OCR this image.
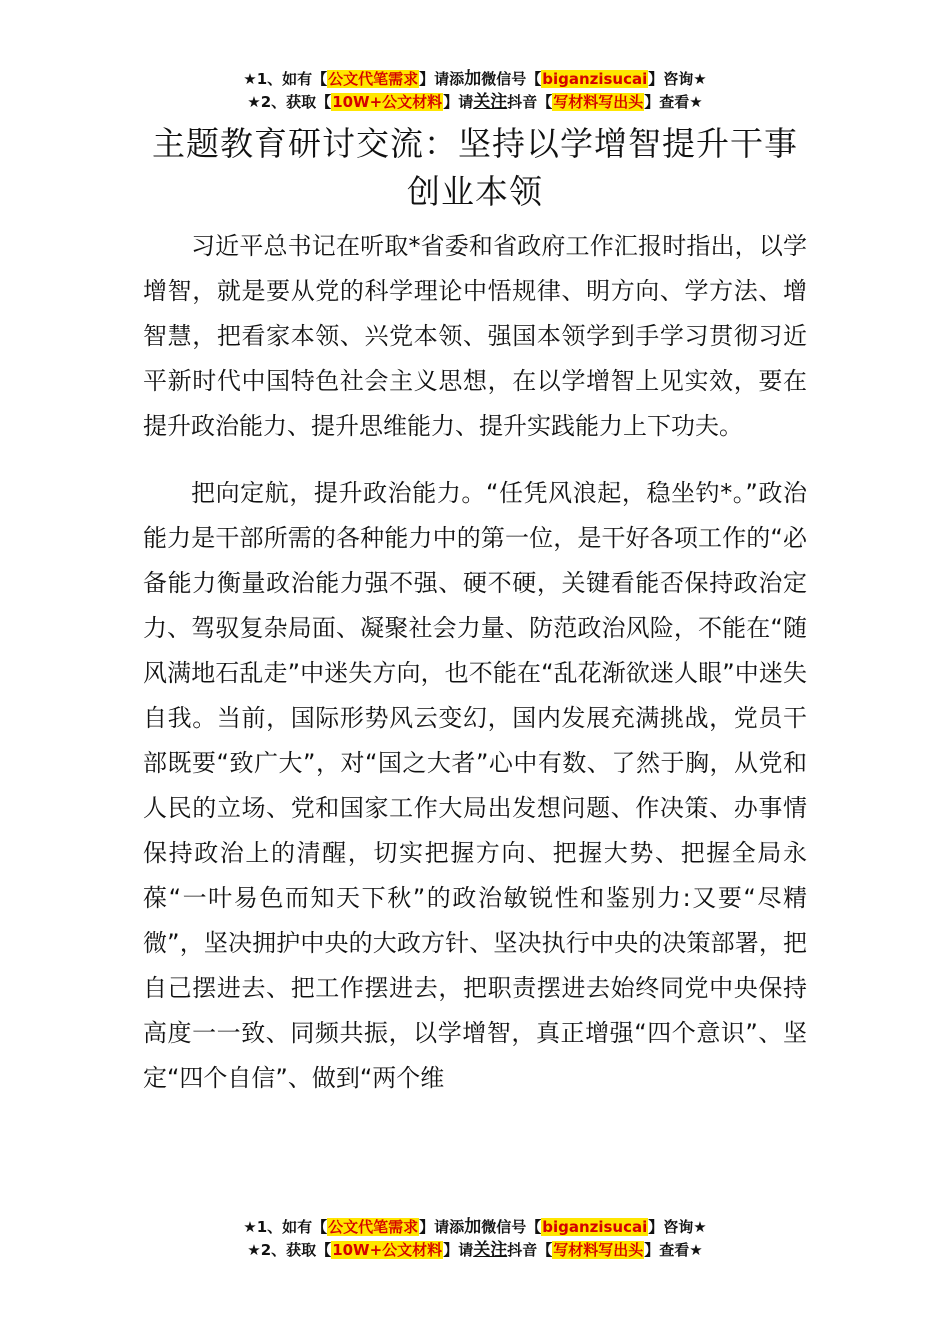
★1、如有【公文代笔需求】请添加微信号【biganzisucai】咨询★
★2、获取【10W+公文材料】请关注抖音【写材料写出头】查看★
主题教育研讨交流：坚持以学增智提升干事创业本领

习近平总书记在听取*省委和省政府工作汇报时指出，以学增智，就是要从党的科学理论中悟规律、明方向、学方法、增智慧，把看家本领、兴党本领、强国本领学到手学习贯彻习近平新时代中国特色社会主义思想，在以学增智上见实效，要在提升政治能力、提升思维能力、提升实践能力上下功夫。

把向定航，提升政治能力。“任凭风浪起，稳坐钓*。”政治能力是干部所需的各种能力中的第一位，是干好各项工作的“必备能力衡量政治能力强不强、硬不硬，关键看能否保持政治定力、驾驭复杂局面、凝聚社会力量、防范政治风险，不能在“随风满地石乱走”中迷失方向，也不能在“乱花渐欲迷人眼”中迷失自我。当前，国际形势风云变幻，国内发展充满挑战，党员干部既要“致广大”，对“国之大者”心中有数、了然于胸，从党和人民的立场、党和国家工作大局出发想问题、作决策、办事情保持政治上的清醒，切实把握方向、把握大势、把握全局永葆“一叶易色而知天下秋”的政治敏锐性和鉴别力:又要“尽精微”，坚决拥护中央的大政方针、坚决执行中央的决策部署，把自己摆进去、把工作摆进去，把职责摆进去始终同党中央保持高度一一致、同频共振，以学增智，真正增强“四个意识”、坚定“四个自信”、做到“两个维

★1、如有【公文代笔需求】请添加微信号【biganzisucai】咨询★
★2、获取【10W+公文材料】请关注抖音【写材料写出头】查看★
